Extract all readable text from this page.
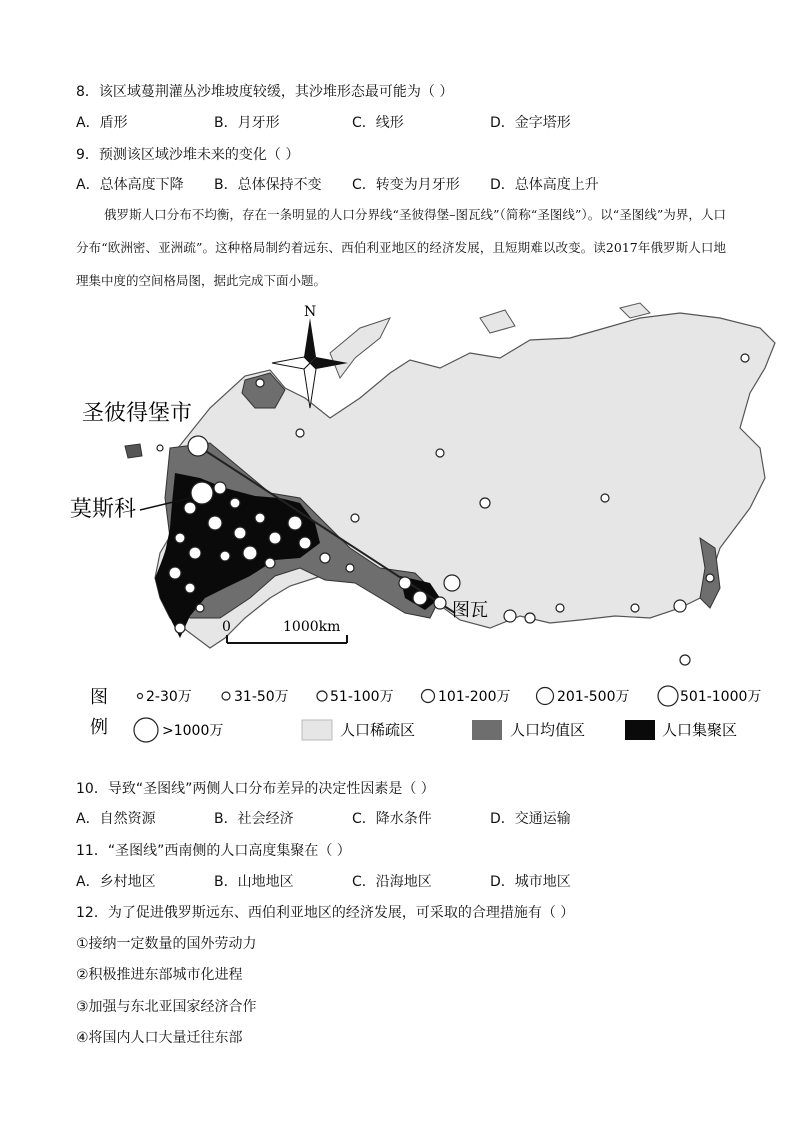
8．该区域蔓荆灌丛沙堆坡度较缓，其沙堆形态最可能为（ ）
A．盾形	B．月牙形	C．线形	D．金字塔形
9．预测该区域沙堆未来的变化（ ）
A．总体高度下降 B．总体保持不变 C．转变为月牙形 D．总体高度上升
俄罗斯人口分布不均衡，存在一条明显的人口分界线“圣彼得堡–图瓦线”（简称“圣图线”）。以“圣图线”为界，人口分布“欧洲密、亚洲疏”。这种格局制约着远东、西伯利亚地区的经济发展，且短期难以改变。读2017年俄罗斯人口地理集中度的空间格局图，据此完成下面小题。
N
圣彼得堡市
莫斯科
图瓦
0	1000km
图
例
2-30万	31-50万	51-100万	101-200万	201-500万	501-1000万
>1000万	人口稀疏区	人口均值区	人口集聚区
10．导致“圣图线”两侧人口分布差异的决定性因素是（ ）
A．自然资源	B．社会经济	C．降水条件	D．交通运输
11．“圣图线”西南侧的人口高度集聚在（ ）
A．乡村地区	B．山地地区	C．沿海地区	D．城市地区
12．为了促进俄罗斯远东、西伯利亚地区的经济发展，可采取的合理措施有（ ）
①接纳一定数量的国外劳动力
②积极推进东部城市化进程
③加强与东北亚国家经济合作
④将国内人口大量迁往东部
